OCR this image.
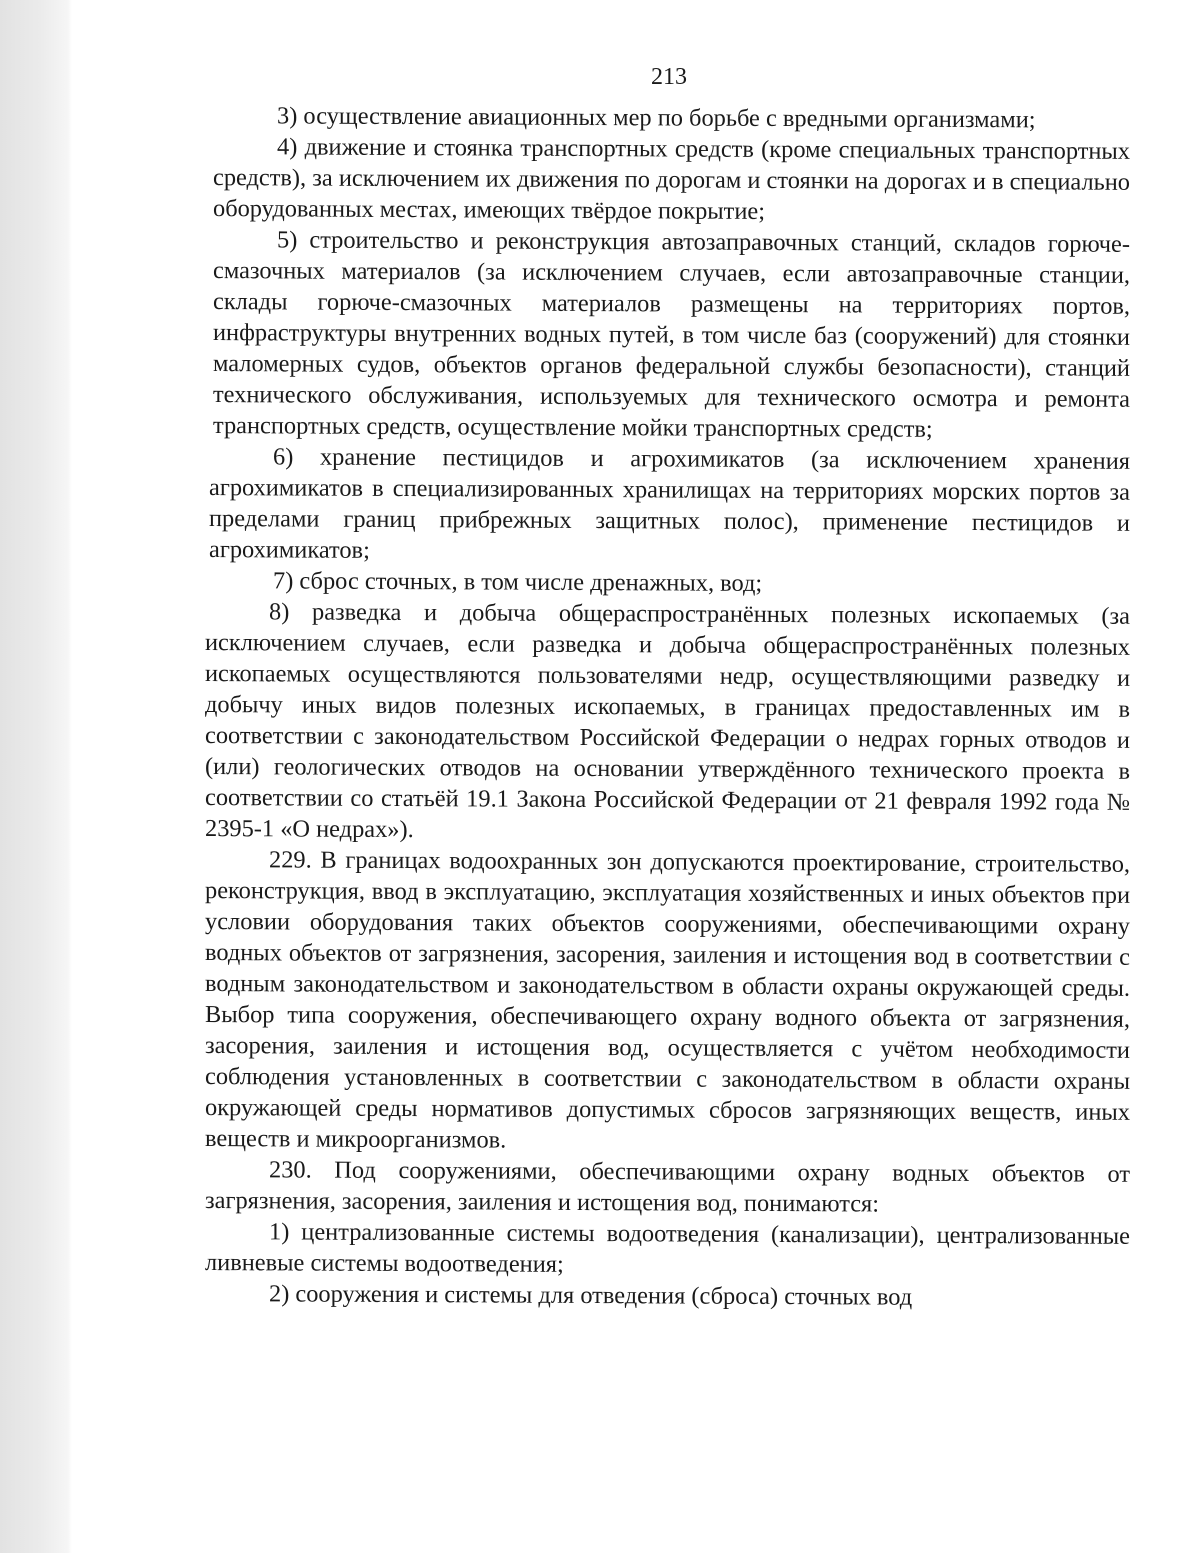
213

3) осуществление авиационных мер по борьбе с вредными организмами;

4) движение и стоянка транспортных средств (кроме специальных транспортных средств), за исключением их движения по дорогам и стоянки на дорогах и в специально оборудованных местах, имеющих твёрдое покрытие;

5) строительство и реконструкция автозаправочных станций, складов горюче-смазочных материалов (за исключением случаев, если автозаправочные станции, склады горюче-смазочных материалов размещены на территориях портов, инфраструктуры внутренних водных путей, в том числе баз (сооружений) для стоянки маломерных судов, объектов органов федеральной службы безопасности), станций технического обслуживания, используемых для технического осмотра и ремонта транспортных средств, осуществление мойки транспортных средств;

6) хранение пестицидов и агрохимикатов (за исключением хранения агрохимикатов в специализированных хранилищах на территориях морских портов за пределами границ прибрежных защитных полос), применение пестицидов и агрохимикатов;

7) сброс сточных, в том числе дренажных, вод;

8) разведка и добыча общераспространённых полезных ископаемых (за исключением случаев, если разведка и добыча общераспространённых полезных ископаемых осуществляются пользователями недр, осуществляющими разведку и добычу иных видов полезных ископаемых, в границах предоставленных им в соответствии с законодательством Российской Федерации о недрах горных отводов и (или) геологических отводов на основании утверждённого технического проекта в соответствии со статьёй 19.1 Закона Российской Федерации от 21 февраля 1992 года № 2395-1 «О недрах»).

229. В границах водоохранных зон допускаются проектирование, строительство, реконструкция, ввод в эксплуатацию, эксплуатация хозяйственных и иных объектов при условии оборудования таких объектов сооружениями, обеспечивающими охрану водных объектов от загрязнения, засорения, заиления и истощения вод в соответствии с водным законодательством и законодательством в области охраны окружающей среды. Выбор типа сооружения, обеспечивающего охрану водного объекта от загрязнения, засорения, заиления и истощения вод, осуществляется с учётом необходимости соблюдения установленных в соответствии с законодательством в области охраны окружающей среды нормативов допустимых сбросов загрязняющих веществ, иных веществ и микроорганизмов.

230. Под сооружениями, обеспечивающими охрану водных объектов от загрязнения, засорения, заиления и истощения вод, понимаются:

1) централизованные системы водоотведения (канализации), централизованные ливневые системы водоотведения;

2) сооружения и системы для отведения (сброса) сточных вод
